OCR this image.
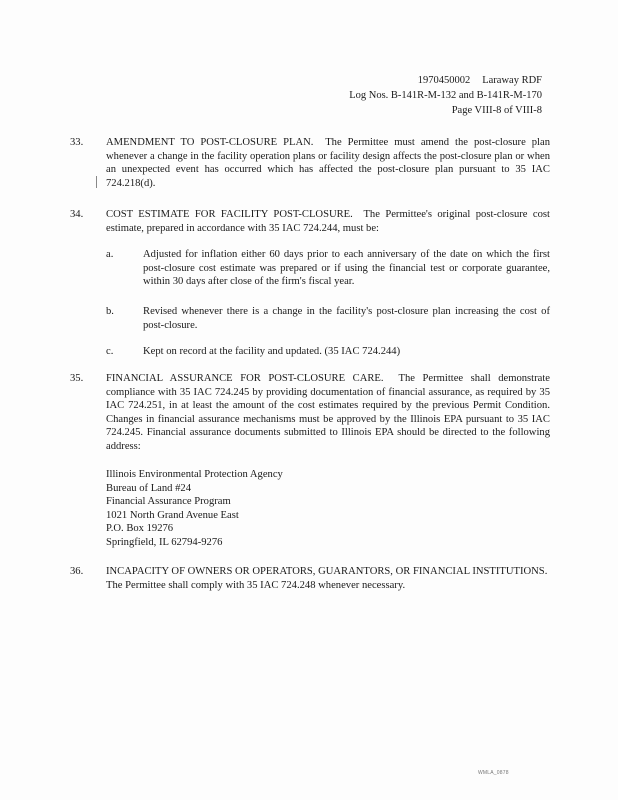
1970450002 Laraway RDF
Log Nos. B-141R-M-132 and B-141R-M-170
Page VIII-8 of VIII-8
33.	AMENDMENT TO POST-CLOSURE PLAN. The Permittee must amend the post-closure plan whenever a change in the facility operation plans or facility design affects the post-closure plan or when an unexpected event has occurred which has affected the post-closure plan pursuant to 35 IAC 724.218(d).
34.	COST ESTIMATE FOR FACILITY POST-CLOSURE. The Permittee's original post-closure cost estimate, prepared in accordance with 35 IAC 724.244, must be:
a.	Adjusted for inflation either 60 days prior to each anniversary of the date on which the first post-closure cost estimate was prepared or if using the financial test or corporate guarantee, within 30 days after close of the firm's fiscal year.
b.	Revised whenever there is a change in the facility's post-closure plan increasing the cost of post-closure.
c.	Kept on record at the facility and updated. (35 IAC 724.244)
35.	FINANCIAL ASSURANCE FOR POST-CLOSURE CARE. The Permittee shall demonstrate compliance with 35 IAC 724.245 by providing documentation of financial assurance, as required by 35 IAC 724.251, in at least the amount of the cost estimates required by the previous Permit Condition. Changes in financial assurance mechanisms must be approved by the Illinois EPA pursuant to 35 IAC 724.245. Financial assurance documents submitted to Illinois EPA should be directed to the following address:
Illinois Environmental Protection Agency
Bureau of Land #24
Financial Assurance Program
1021 North Grand Avenue East
P.O. Box 19276
Springfield, IL 62794-9276
36.	INCAPACITY OF OWNERS OR OPERATORS, GUARANTORS, OR FINANCIAL INSTITUTIONS.  The Permittee shall comply with 35 IAC 724.248 whenever necessary.
WMLA_0878
